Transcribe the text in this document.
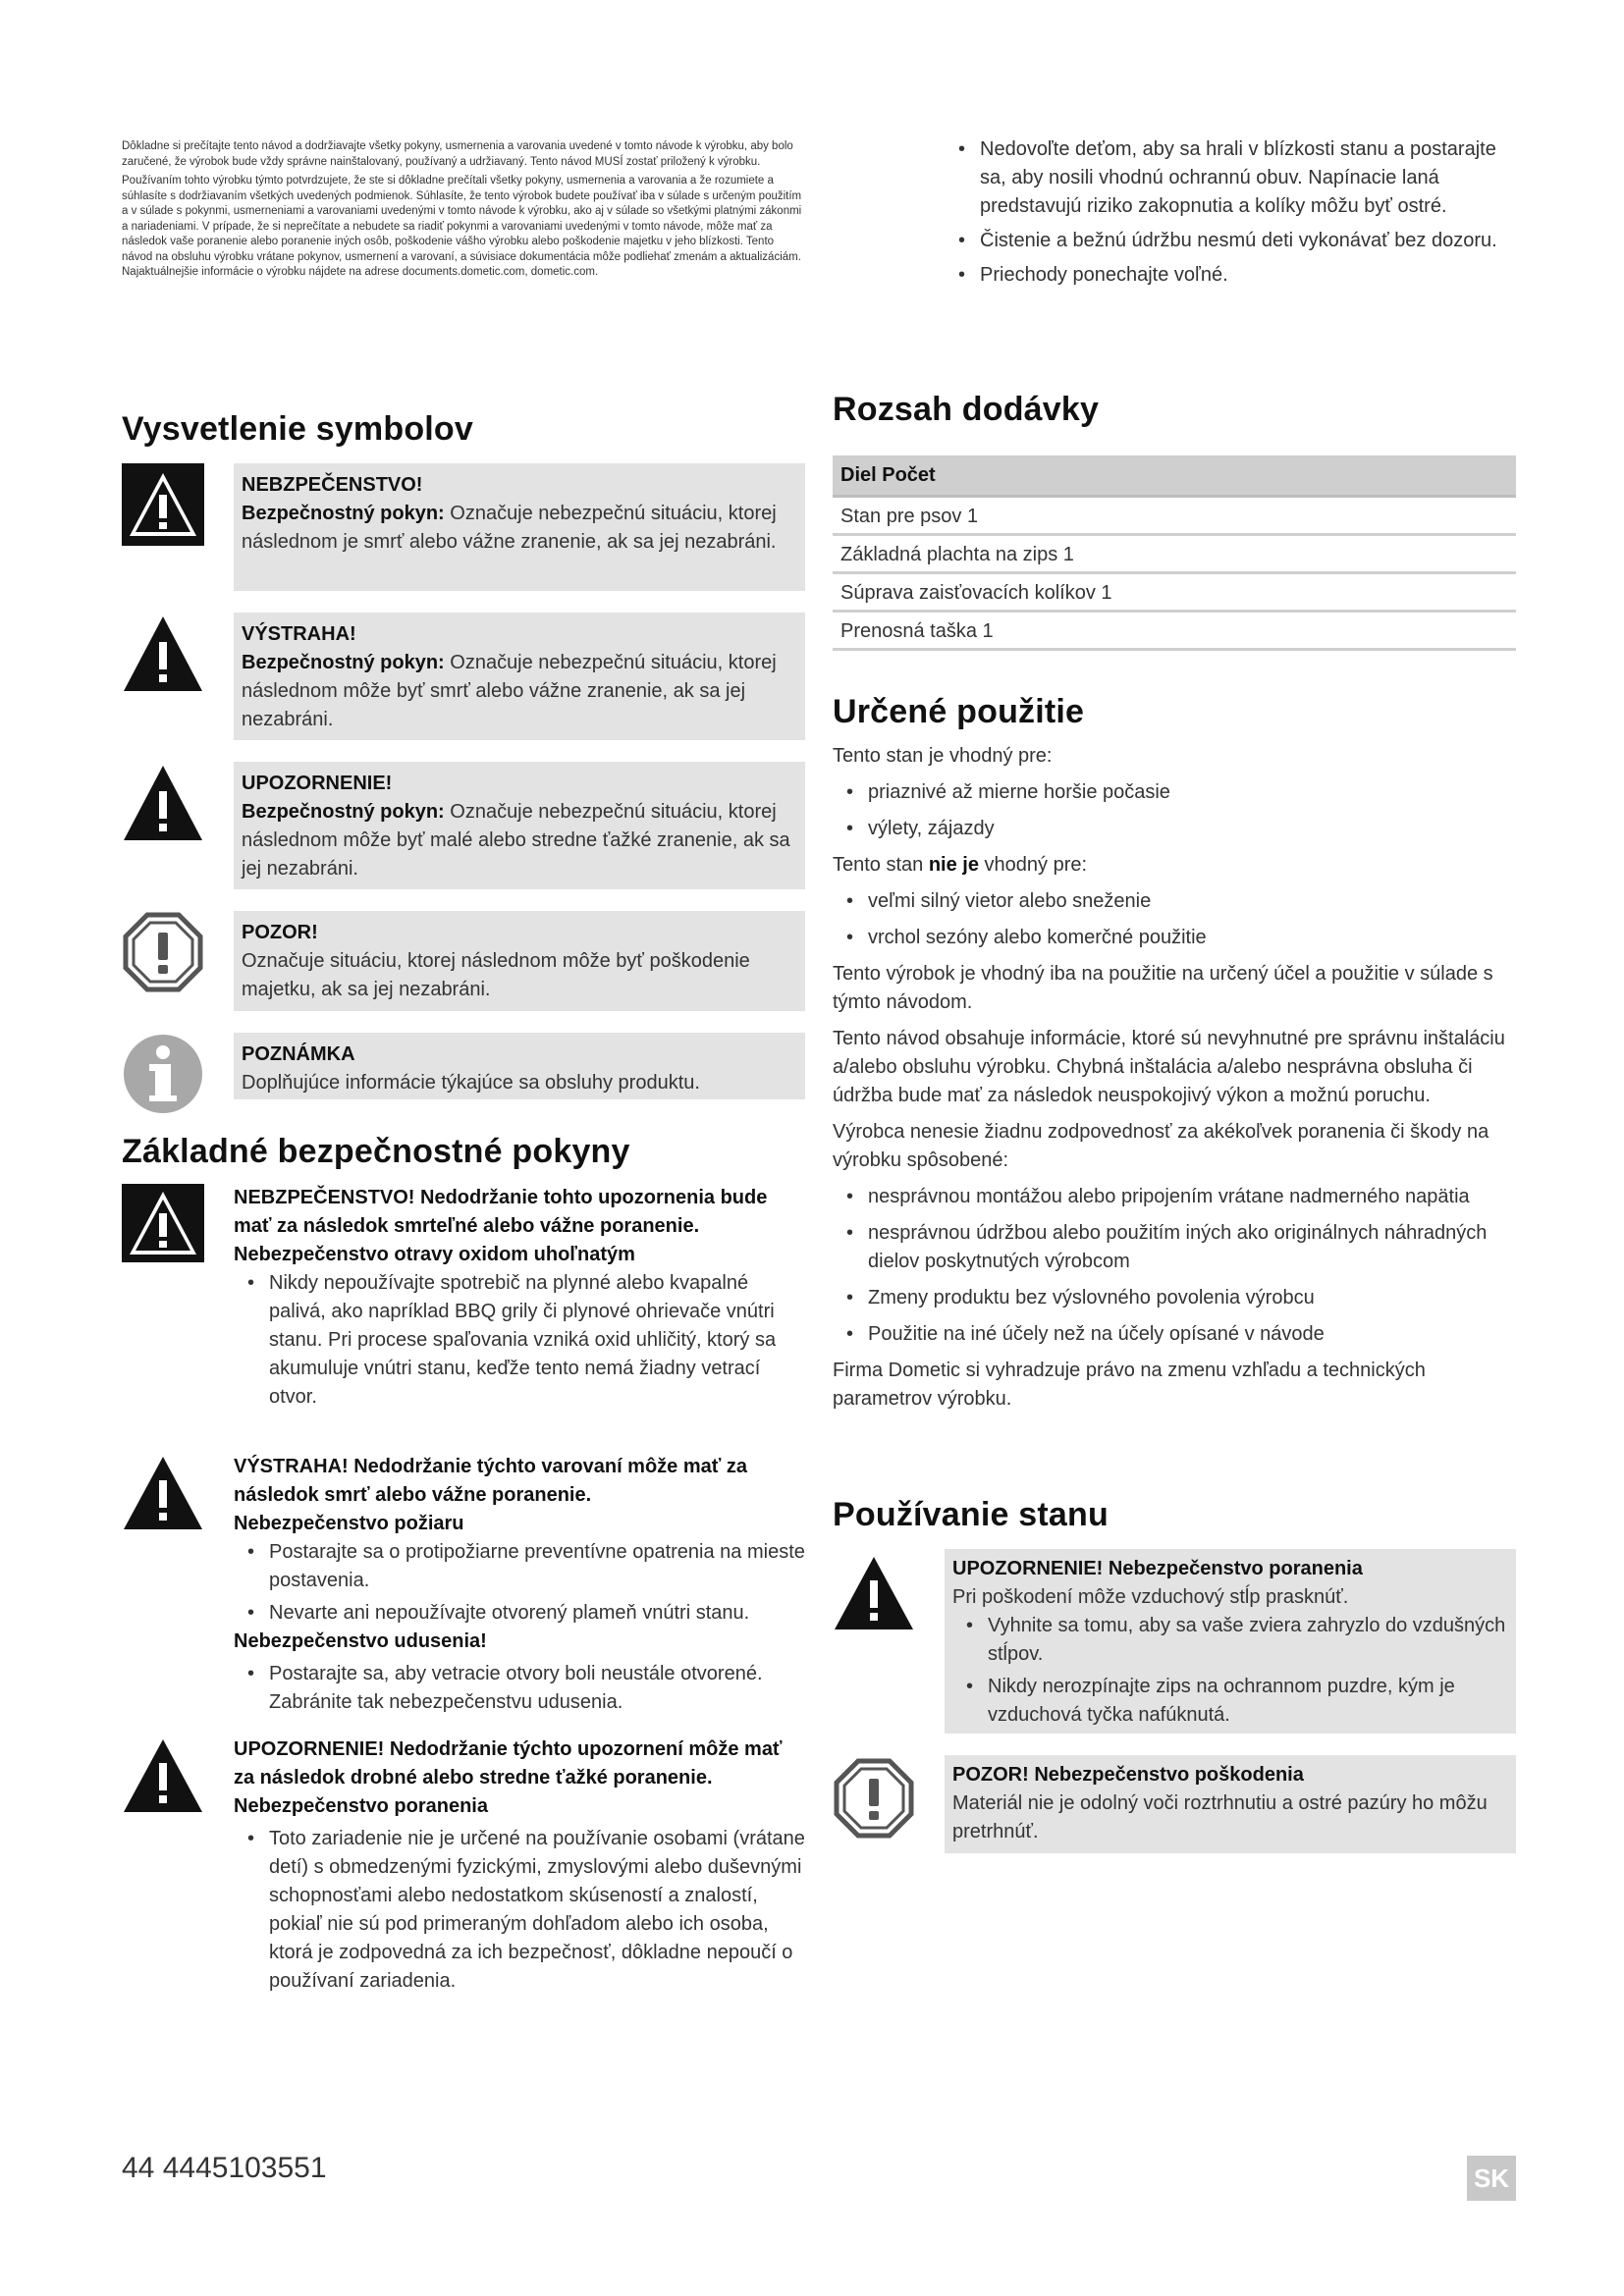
Dôkladne si prečítajte tento návod a dodržiavajte všetky pokyny, usmernenia a varovania uvedené v tomto návode k výrobku, aby bolo zaručené, že výrobok bude vždy správne nainštalovaný, používaný a udržiavaný. Tento návod MUSÍ zostať priložený k výrobku.

Používaním tohto výrobku týmto potvrdzujete, že ste si dôkladne prečítali všetky pokyny, usmernenia a varovania a že rozumiete a súhlasíte s dodržiavaním všetkých uvedených podmienok. Súhlasíte, že tento výrobok budete používať iba v súlade s určeným použitím a v súlade s pokynmi, usmerneniami a varovaniami uvedenými v tomto návode k výrobku, ako aj v súlade so všetkými platnými zákonmi a nariadeniami. V prípade, že si neprečítate a nebudete sa riadiť pokynmi a varovaniami uvedenými v tomto návode, môže mať za následok vaše poranenie alebo poranenie iných osôb, poškodenie vášho výrobku alebo poškodenie majetku v jeho blízkosti. Tento návod na obsluhu výrobku vrátane pokynov, usmernení a varovaní, a súvisiace dokumentácia môže podliehať zmenám a aktualizáciám. Najaktuálnejšie informácie o výrobku nájdete na adrese documents.dometic.com, dometic.com.

Vysvetlenie symbolov
NEBZPEČENSTVO!
Bezpečnostný pokyn: Označuje nebezpečnú situáciu, ktorej následnom je smrť alebo vážne zranenie, ak sa jej nezabráni.
VÝSTRAHA!
Bezpečnostný pokyn: Označuje nebezpečnú situáciu, ktorej následnom môže byť smrť alebo vážne zranenie, ak sa jej nezabráni.
UPOZORNENIE!
Bezpečnostný pokyn: Označuje nebezpečnú situáciu, ktorej následnom môže byť malé alebo stredne ťažké zranenie, ak sa jej nezabráni.
POZOR!
Označuje situáciu, ktorej následnom môže byť poškodenie majetku, ak sa jej nezabráni.
POZNÁMKA
Doplňujúce informácie týkajúce sa obsluhy produktu.
Základné bezpečnostné pokyny
NEBZPEČENSTVO! Nedodržanie tohto upozornenia bude mať za následok smrteľné alebo vážne poranenie.
Nebezpečenstvo otravy oxidom uhoľnatým
• Nikdy nepoužívajte spotrebič na plynné alebo kvapalné palivá, ako napríklad BBQ grily či plynové ohrievače vnútri stanu. Pri procese spaľovania vzniká oxid uhličitý, ktorý sa akumuluje vnútri stanu, keďže tento nemá žiadny vetrací otvor.
VÝSTRAHA! Nedodržanie týchto varovaní môže mať za následok smrť alebo vážne poranenie.
Nebezpečenstvo požiaru
• Postarajte sa o protipožiarne preventívne opatrenia na mieste postavenia.
• Nevarte ani nepoužívajte otvorený plameň vnútri stanu.
Nebezpečenstvo udusenia!
• Postarajte sa, aby vetracie otvory boli neustále otvorené. Zabránite tak nebezpečenstvu udusenia.
UPOZORNENIE! Nedodržanie týchto upozornení môže mať za následok drobné alebo stredne ťažké poranenie.
Nebezpečenstvo poranenia
• Toto zariadenie nie je určené na používanie osobami (vrátane detí) s obmedzenými fyzickými, zmyslovými alebo duševnými schopnosťami alebo nedostatkom skúseností a znalostí, pokiaľ nie sú pod primeraným dohľadom alebo ich osoba, ktorá je zodpovedná za ich bezpečnosť, dôkladne nepoučí o používaní zariadenia.
• Nedovoľte deťom, aby sa hrali v blízkosti stanu a postarajte sa, aby nosili vhodnú ochrannú obuv. Napínacie laná predstavujú riziko zakopnutia a kolíky môžu byť ostré.
• Čistenie a bežnú údržbu nesmú deti vykonávať bez dozoru.
• Priechody ponechajte voľné.
Rozsah dodávky
Diel Počet
Stan pre psov 1
Základná plachta na zips 1
Súprava zaisťovacích kolíkov 1
Prenosná taška 1
Určené použitie

Tento stan je vhodný pre:

• priaznivé až mierne horšie počasie
• výlety, zájazdy

Tento stan nie je vhodný pre:

• veľmi silný vietor alebo sneženie
• vrchol sezóny alebo komerčné použitie

Tento výrobok je vhodný iba na použitie na určený účel a použitie v súlade s týmto návodom.

Tento návod obsahuje informácie, ktoré sú nevyhnutné pre správnu inštaláciu a/alebo obsluhu výrobku. Chybná inštalácia a/alebo nesprávna obsluha či údržba bude mať za následok neuspokojivý výkon a možnú poruchu.

Výrobca nenesie žiadnu zodpovednosť za akékoľvek poranenia či škody na výrobku spôsobené:

• nesprávnou montážou alebo pripojením vrátane nadmerného napätia
• nesprávnou údržbou alebo použitím iných ako originálnych náhradných dielov poskytnutých výrobcom
• Zmeny produktu bez výslovného povolenia výrobcu
• Použitie na iné účely než na účely opísané v návode

Firma Dometic si vyhradzuje právo na zmenu vzhľadu a technických parametrov výrobku.

Používanie stanu
UPOZORNENIE! Nebezpečenstvo poranenia
Pri poškodení môže vzduchový stĺp prasknúť.
• Vyhnite sa tomu, aby sa vaše zviera zahryzlo do vzdušných stĺpov.
• Nikdy nerozpínajte zips na ochrannom puzdre, kým je vzduchová tyčka nafúknutá.
POZOR! Nebezpečenstvo poškodenia
Materiál nie je odolný voči roztrhnutiu a ostré pazúry ho môžu pretrhnúť.
44 4445103551	SK
